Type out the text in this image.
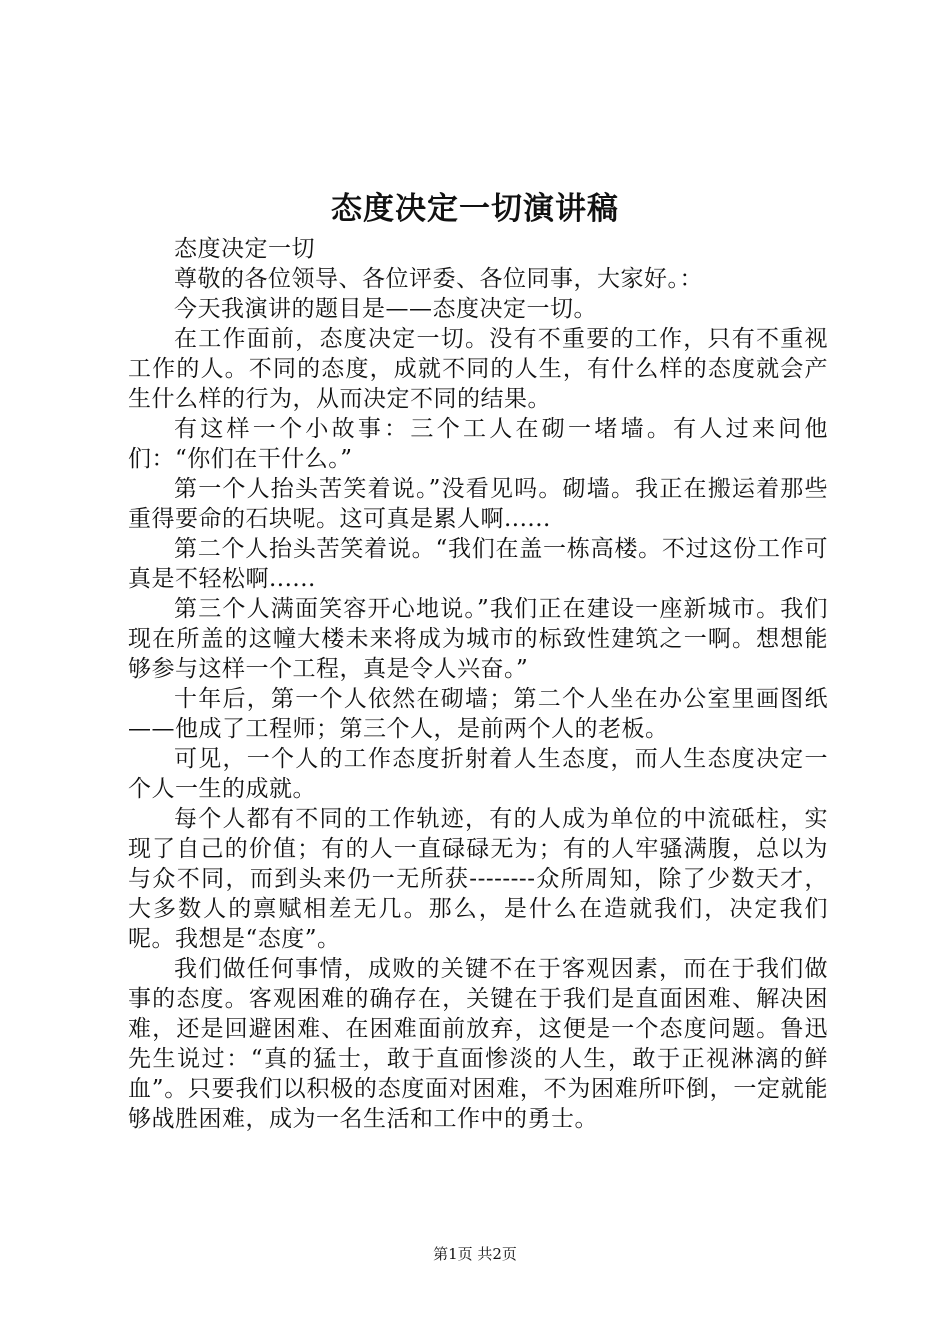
态度决定一切演讲稿

态度决定一切

尊敬的各位领导、各位评委、各位同事，大家好。：

今天我演讲的题目是——态度决定一切。

在工作面前，态度决定一切。没有不重要的工作，只有不重视工作的人。不同的态度，成就不同的人生，有什么样的态度就会产生什么样的行为，从而决定不同的结果。

有这样一个小故事：三个工人在砌一堵墙。有人过来问他们：“你们在干什么。”

第一个人抬头苦笑着说。”没看见吗。砌墙。我正在搬运着那些重得要命的石块呢。这可真是累人啊......

第二个人抬头苦笑着说。“我们在盖一栋高楼。不过这份工作可真是不轻松啊......

第三个人满面笑容开心地说。”我们正在建设一座新城市。我们现在所盖的这幢大楼未来将成为城市的标致性建筑之一啊。想想能够参与这样一个工程，真是令人兴奋。”

十年后，第一个人依然在砌墙；第二个人坐在办公室里画图纸——他成了工程师；第三个人，是前两个人的老板。

可见，一个人的工作态度折射着人生态度，而人生态度决定一个人一生的成就。

每个人都有不同的工作轨迹，有的人成为单位的中流砥柱，实现了自己的价值；有的人一直碌碌无为；有的人牢骚满腹，总以为与众不同，而到头来仍一无所获--------众所周知，除了少数天才，大多数人的禀赋相差无几。那么，是什么在造就我们，决定我们呢。我想是“态度”。

我们做任何事情，成败的关键不在于客观因素，而在于我们做事的态度。客观困难的确存在，关键在于我们是直面困难、解决困难，还是回避困难、在困难面前放弃，这便是一个态度问题。鲁迅先生说过：“真的猛士，敢于直面惨淡的人生，敢于正视淋漓的鲜血”。只要我们以积极的态度面对困难，不为困难所吓倒，一定就能够战胜困难，成为一名生活和工作中的勇士。

第1页 共2页
